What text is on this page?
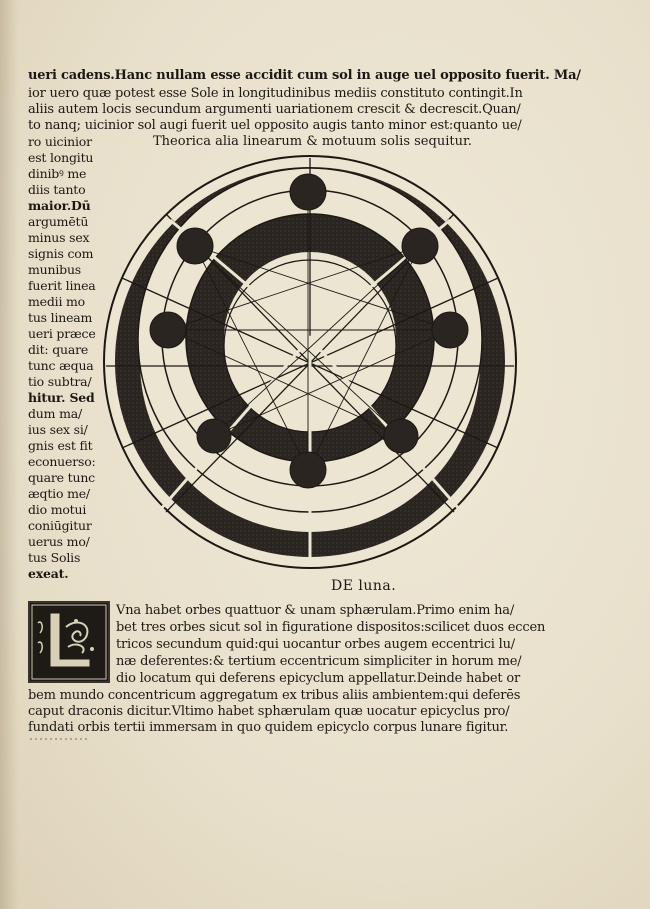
ueri cadens.Hanc nullam esse accidit cum sol in auge uel opposito fuerit. Ma/
ior uero quæ potest esse Sole in longitudinibus mediis constituto contingit.In
aliis autem locis secundum argumenti uariationem crescit & decrescit.Quan/
to nanq; uicinior sol augi fuerit uel opposito augis tanto minor est:quanto ue/
ro uicinior
est longitu
dinibꝰ me
diis tanto
maior.Dū
argumētū
minus sex
signis com
munibus
fuerit linea
medii mo
tus lineam
ueri præce
dit: quare
tunc æqua
tio subtra/
hitur. Sed
dum ma/
ius sex si/
gnis est fit
econuerso:
quare tunc
æqtio me/
dio motui
coniūgitur
uerus mo/
tus Solis
exeat.
Theorica alia linearum & motuum solis sequitur.
DE luna.
Vna habet orbes quattuor & unam sphærulam.Primo enim ha/
bet tres orbes sicut sol in figuratione dispositos:scilicet duos eccen
tricos secundum quid:qui uocantur orbes augem eccentrici lu/
næ deferentes:& tertium eccentricum simpliciter in horum me/
dio locatum qui deferens epicyclum appellatur.Deinde habet or
bem mundo concentricum aggregatum ex tribus aliis ambientem:qui deferēs
caput draconis dicitur.Vltimo habet sphærulam quæ uocatur epicyclus pro/
fundati orbis tertii immersam in quo quidem epicyclo corpus lunare figitur.
